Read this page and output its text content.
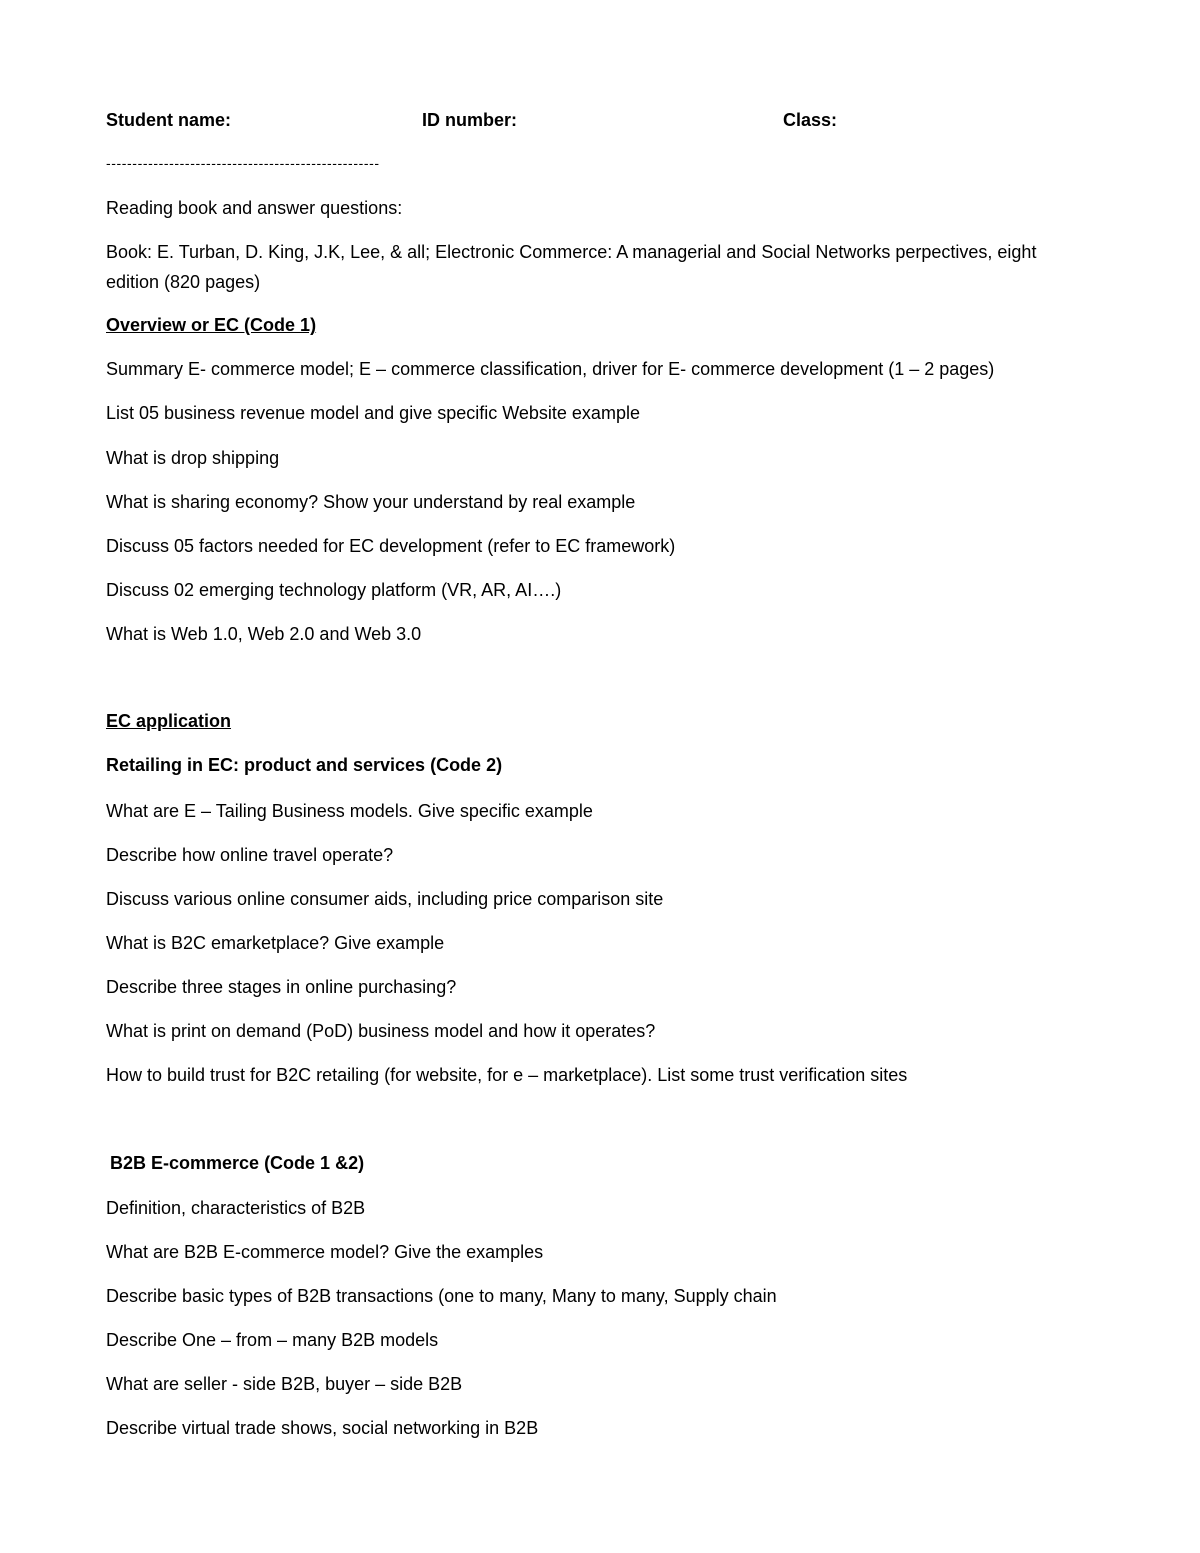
Student name:	ID number:	Class:
----------------------------------------------------
Reading book and answer questions:
Book: E. Turban, D. King, J.K, Lee, & all; Electronic Commerce: A managerial and Social Networks perpectives, eight edition (820 pages)
Overview or EC (Code 1)
Summary E- commerce model; E – commerce classification, driver for E- commerce development (1 – 2 pages)
List 05 business revenue model and give specific Website example
What is drop shipping
What is sharing economy? Show your understand by real example
Discuss 05 factors needed for EC development (refer to EC framework)
Discuss 02 emerging technology platform (VR, AR, AI….)
What is Web 1.0, Web 2.0 and Web 3.0
EC application
Retailing in EC: product and services (Code 2)
What are E – Tailing Business models. Give specific example
Describe how online travel operate?
Discuss various online consumer aids, including price comparison site
What is B2C emarketplace? Give example
Describe three stages in online purchasing?
What is print on demand (PoD) business model and how it operates?
How to build trust for B2C retailing (for website, for e – marketplace). List some trust verification sites
B2B E-commerce (Code 1 &2)
Definition, characteristics of B2B
What are B2B E-commerce model? Give the examples
Describe basic types of B2B transactions (one to many, Many to many, Supply chain
Describe One – from – many B2B models
What are seller - side B2B, buyer – side B2B
Describe virtual trade shows, social networking in B2B
